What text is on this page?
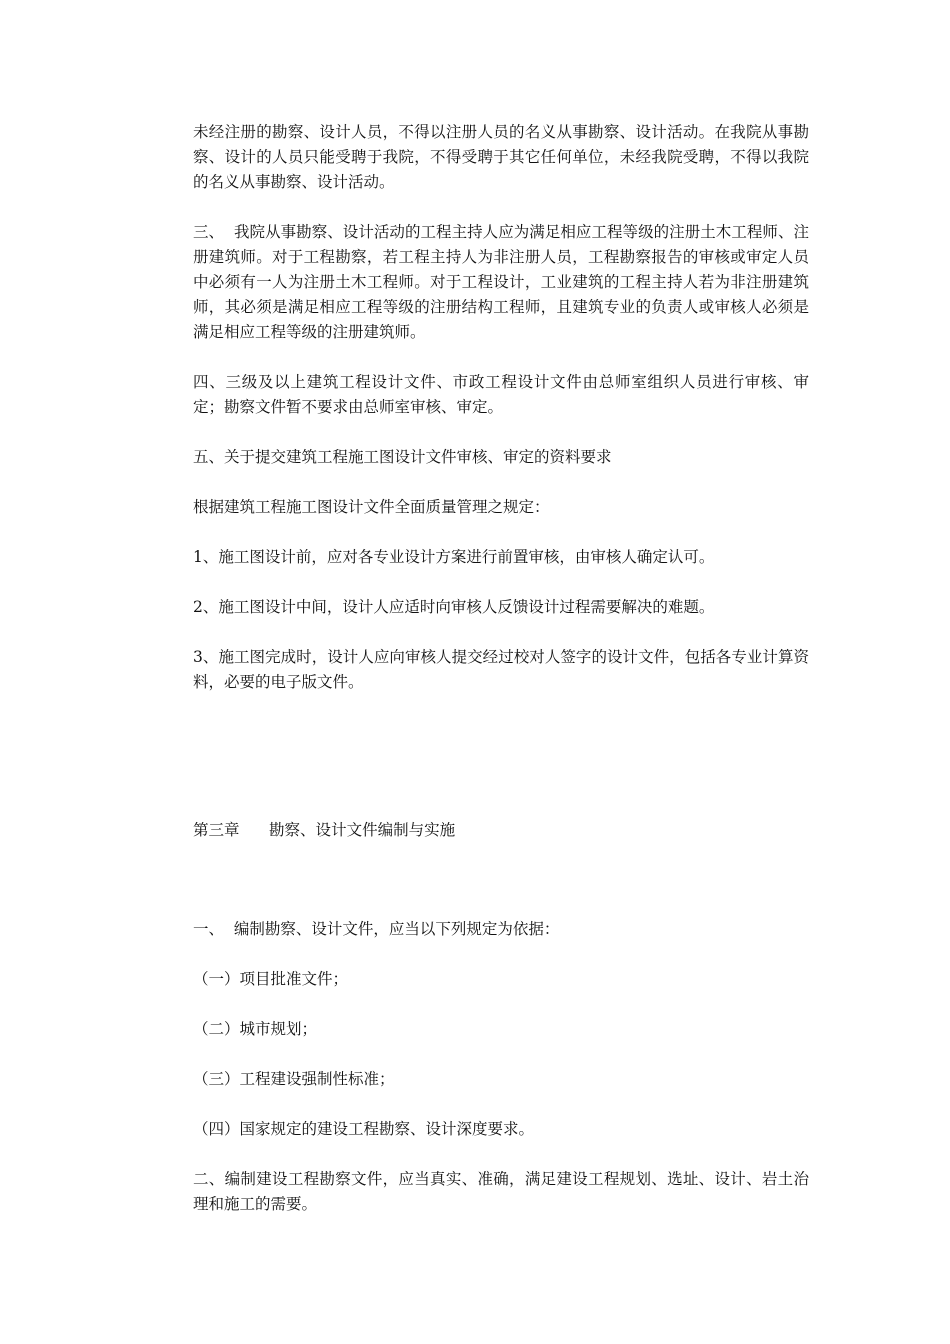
未经注册的勘察、设计人员，不得以注册人员的名义从事勘察、设计活动。在我院从事勘察、设计的人员只能受聘于我院，不得受聘于其它任何单位，未经我院受聘，不得以我院的名义从事勘察、设计活动。

三、  我院从事勘察、设计活动的工程主持人应为满足相应工程等级的注册土木工程师、注册建筑师。对于工程勘察，若工程主持人为非注册人员，工程勘察报告的审核或审定人员中必须有一人为注册土木工程师。对于工程设计，工业建筑的工程主持人若为非注册建筑师，其必须是满足相应工程等级的注册结构工程师，且建筑专业的负责人或审核人必须是满足相应工程等级的注册建筑师。

四、三级及以上建筑工程设计文件、市政工程设计文件由总师室组织人员进行审核、审定；勘察文件暂不要求由总师室审核、审定。

五、关于提交建筑工程施工图设计文件审核、审定的资料要求

根据建筑工程施工图设计文件全面质量管理之规定：

1、施工图设计前，应对各专业设计方案进行前置审核，由审核人确定认可。

2、施工图设计中间，设计人应适时向审核人反馈设计过程需要解决的难题。

3、施工图完成时，设计人应向审核人提交经过校对人签字的设计文件，包括各专业计算资料，必要的电子版文件。

第三章      勘察、设计文件编制与实施

一、  编制勘察、设计文件，应当以下列规定为依据：

（一）项目批准文件；

（二）城市规划；

（三）工程建设强制性标准；

（四）国家规定的建设工程勘察、设计深度要求。

二、编制建设工程勘察文件，应当真实、准确，满足建设工程规划、选址、设计、岩土治理和施工的需要。
